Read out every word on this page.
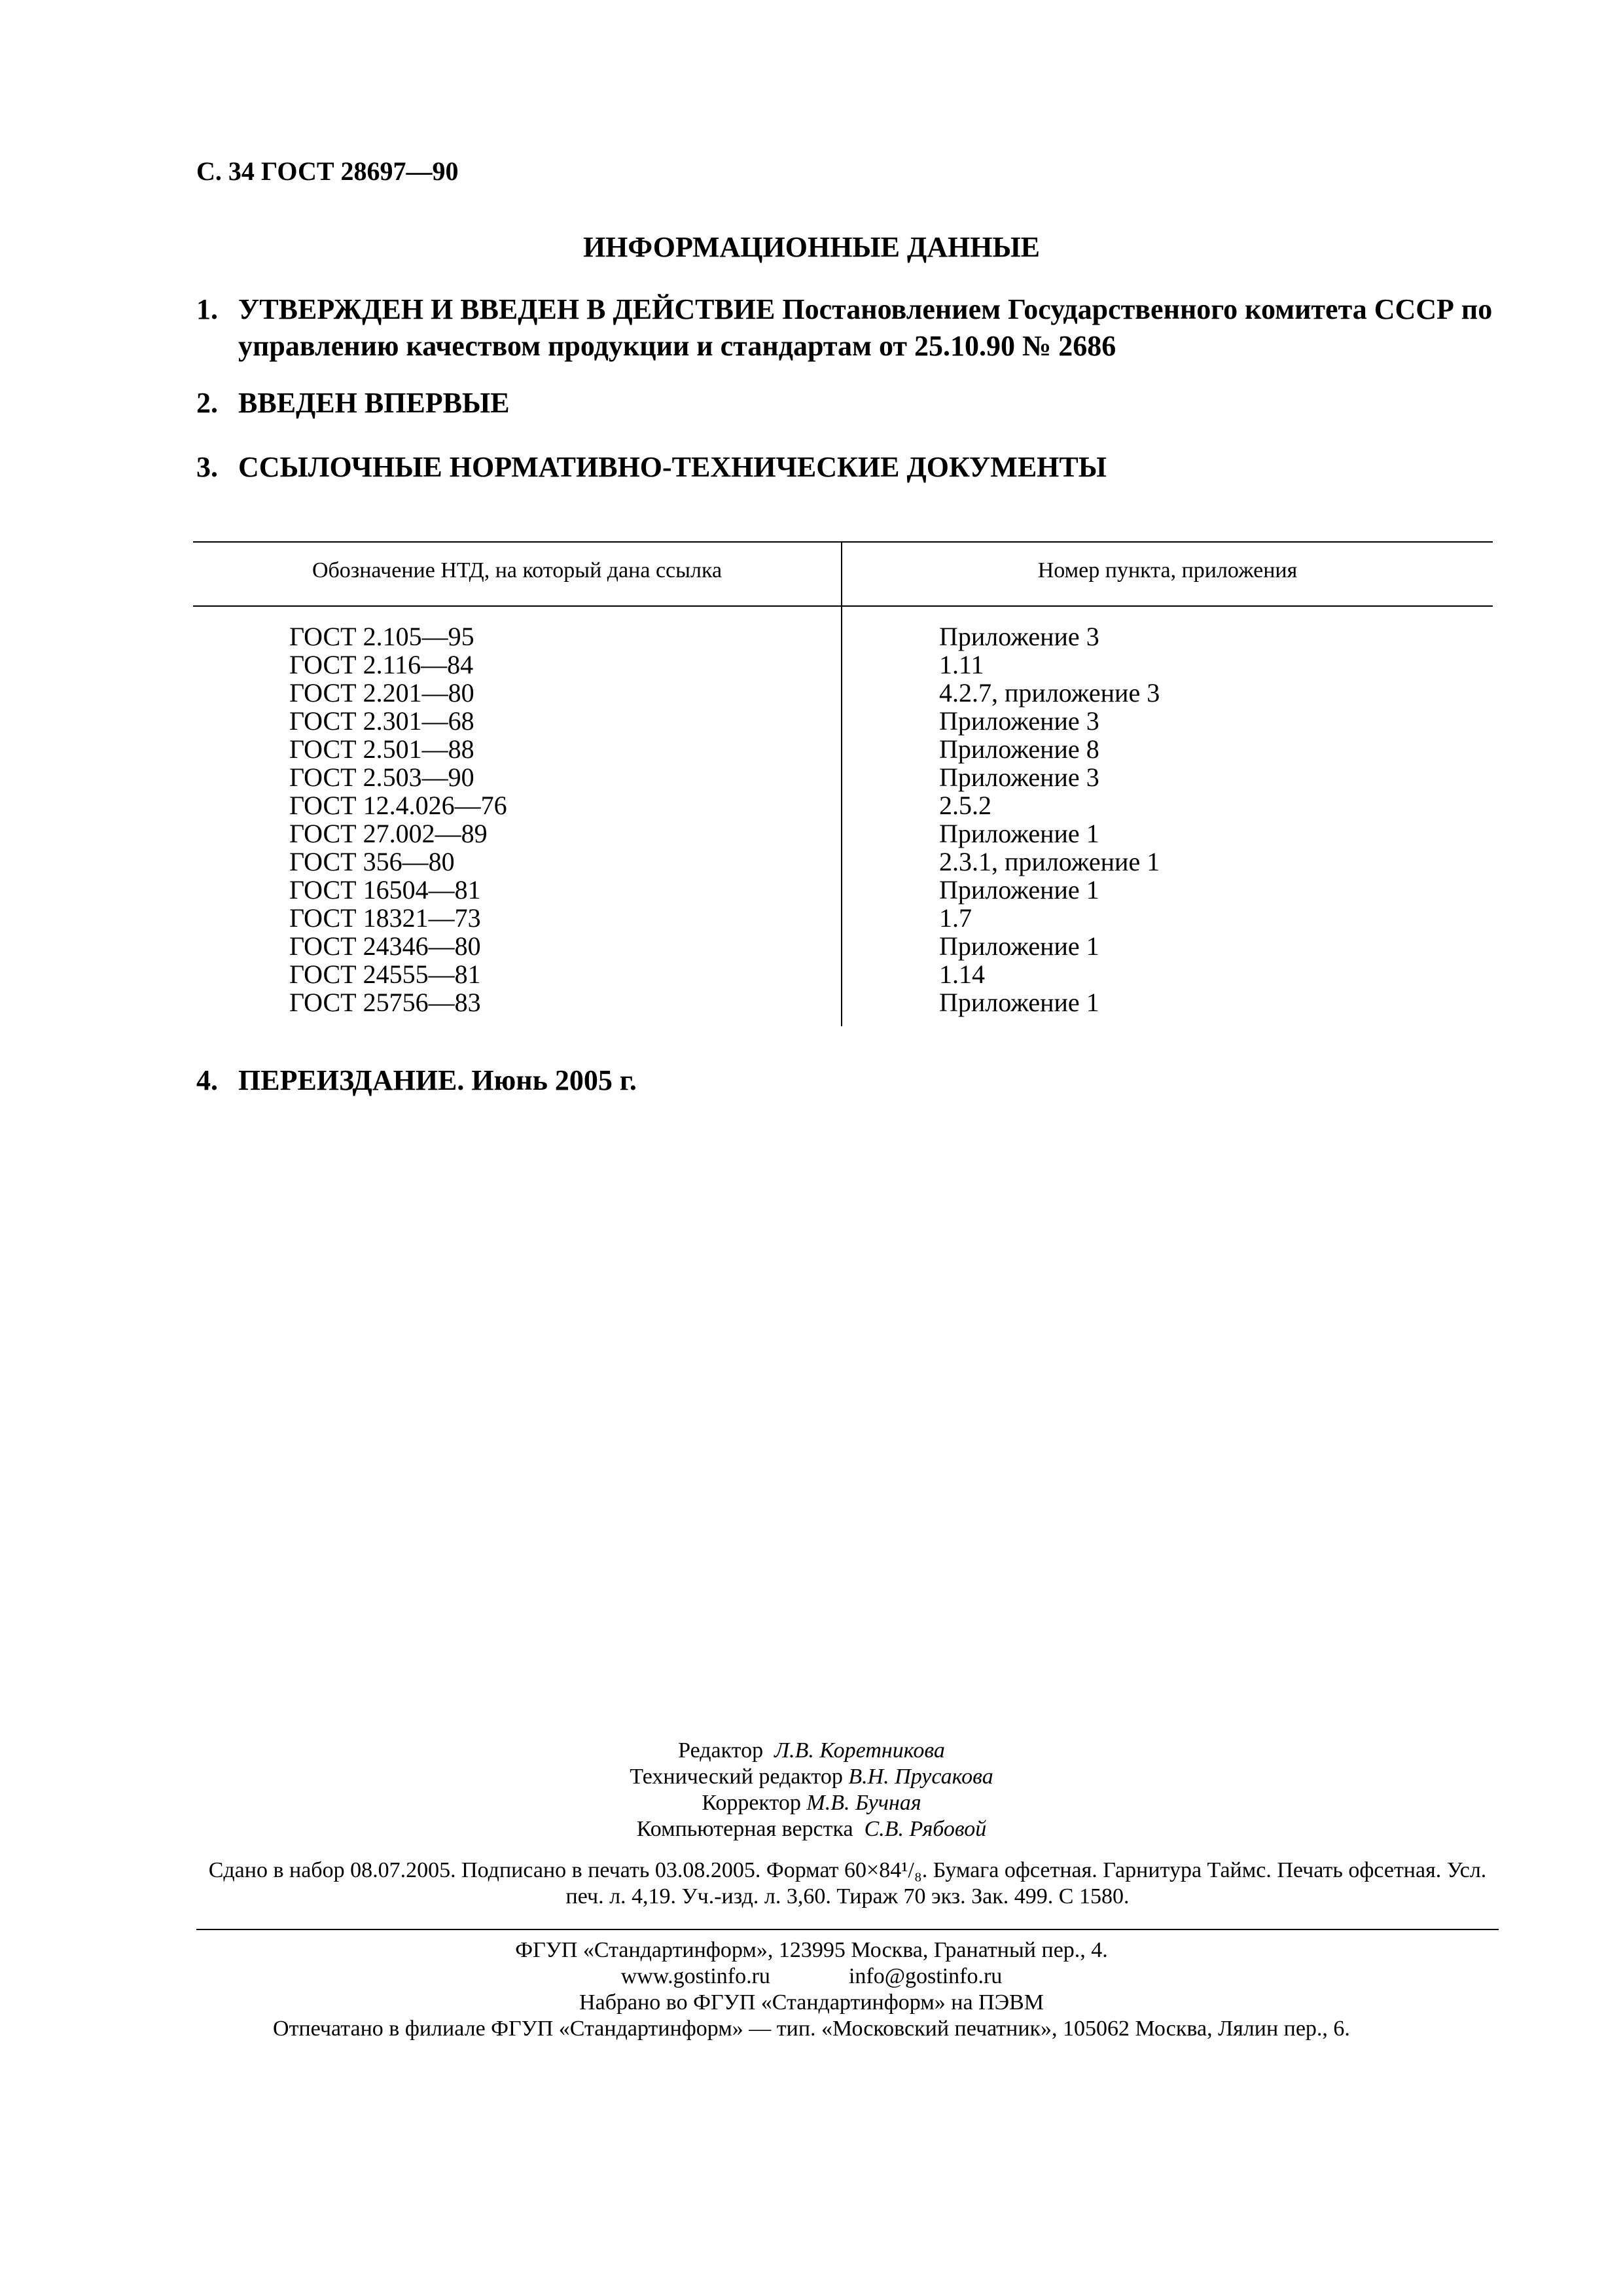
С. 34 ГОСТ 28697—90
ИНФОРМАЦИОННЫЕ ДАННЫЕ
1. УТВЕРЖДЕН И ВВЕДЕН В ДЕЙСТВИЕ Постановлением Государственного комитета СССР по управлению качеством продукции и стандартам от 25.10.90 № 2686
2. ВВЕДЕН ВПЕРВЫЕ
3. ССЫЛОЧНЫЕ НОРМАТИВНО-ТЕХНИЧЕСКИЕ ДОКУМЕНТЫ
Обозначение НТД, на который дана ссылка	Номер пункта, приложения
ГОСТ 2.105—95
ГОСТ 2.116—84
ГОСТ 2.201—80
ГОСТ 2.301—68
ГОСТ 2.501—88
ГОСТ 2.503—90
ГОСТ 12.4.026—76
ГОСТ 27.002—89
ГОСТ 356—80
ГОСТ 16504—81
ГОСТ 18321—73
ГОСТ 24346—80
ГОСТ 24555—81
ГОСТ 25756—83
Приложение 3
1.11
4.2.7, приложение 3
Приложение 3
Приложение 8
Приложение 3
2.5.2
Приложение 1
2.3.1, приложение 1
Приложение 1
1.7
Приложение 1
1.14
Приложение 1
4. ПЕРЕИЗДАНИЕ. Июнь 2005 г.
Редактор Л.В. Коретникова
Технический редактор В.Н. Прусакова
Корректор М.В. Бучная
Компьютерная верстка С.В. Рябовой
Сдано в набор 08.07.2005. Подписано в печать 03.08.2005. Формат 60×84¹/₈. Бумага офсетная. Гарнитура Таймс. Печать офсетная. Усл. печ. л. 4,19. Уч.-изд. л. 3,60. Тираж 70 экз. Зак. 499. С 1580.
ФГУП «Стандартинформ», 123995 Москва, Гранатный пер., 4.
www.gostinfo.ru	info@gostinfo.ru
Набрано во ФГУП «Стандартинформ» на ПЭВМ
Отпечатано в филиале ФГУП «Стандартинформ» — тип. «Московский печатник», 105062 Москва, Лялин пер., 6.
